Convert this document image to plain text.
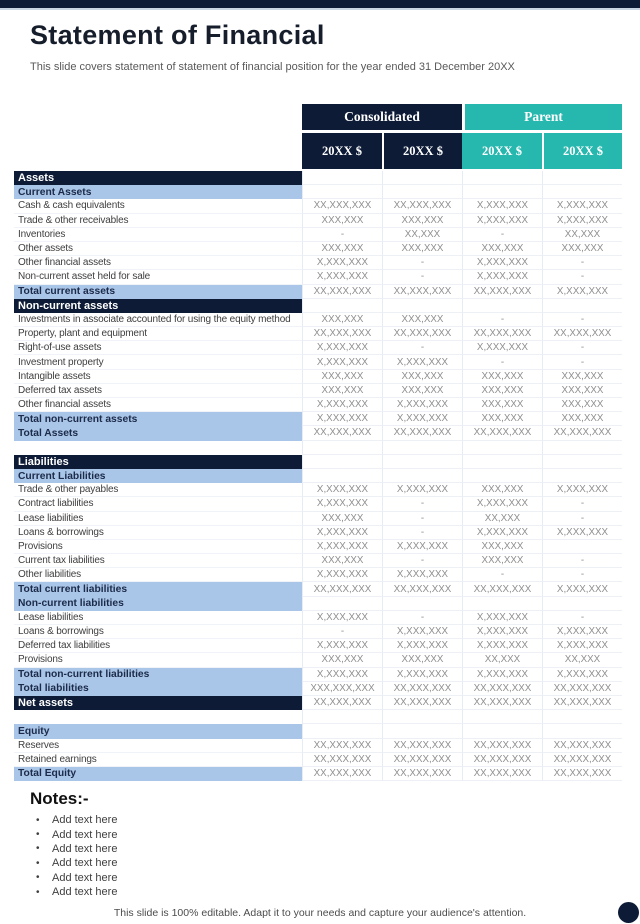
Statement of Financial
This slide covers statement of statement of financial position for the year ended 31 December 20XX
Consolidated	Parent
20XX $	20XX $	20XX $	20XX $
Assets
Current Assets
Cash & cash equivalents	XX,XXX,XXX	XX,XXX,XXX	X,XXX,XXX	X,XXX,XXX
Trade & other receivables	XXX,XXX	XXX,XXX	X,XXX,XXX	X,XXX,XXX
Inventories	-	XX,XXX	-	XX,XXX
Other assets	XXX,XXX	XXX,XXX	XXX,XXX	XXX,XXX
Other financial assets	X,XXX,XXX	-	X,XXX,XXX	-
Non-current asset held for sale	X,XXX,XXX	-	X,XXX,XXX	-
Total current assets	XX,XXX,XXX	XX,XXX,XXX	XX,XXX,XXX	X,XXX,XXX
Non-current assets
Investments in associate accounted for using the equity method	XXX,XXX	XXX,XXX	-	-
Property, plant and equipment	XX,XXX,XXX	XX,XXX,XXX	XX,XXX,XXX	XX,XXX,XXX
Right-of-use assets	X,XXX,XXX	-	X,XXX,XXX	-
Investment property	X,XXX,XXX	X,XXX,XXX	-	-
Intangible assets	XXX,XXX	XXX,XXX	XXX,XXX	XXX,XXX
Deferred tax assets	XXX,XXX	XXX,XXX	XXX,XXX	XXX,XXX
Other financial assets	X,XXX,XXX	X,XXX,XXX	XXX,XXX	XXX,XXX
Total non-current assets	X,XXX,XXX	X,XXX,XXX	XXX,XXX	XXX,XXX
Total Assets	XX,XXX,XXX	XX,XXX,XXX	XX,XXX,XXX	XX,XXX,XXX
Liabilities
Current Liabilities
Trade & other payables	X,XXX,XXX	X,XXX,XXX	XXX,XXX	X,XXX,XXX
Contract liabilities	X,XXX,XXX	-	X,XXX,XXX	-
Lease liabilities	XXX,XXX	-	XX,XXX	-
Loans & borrowings	X,XXX,XXX	-	X,XXX,XXX	X,XXX,XXX
Provisions	X,XXX,XXX	X,XXX,XXX	XXX,XXX
Current tax liabilities	XXX,XXX	-	XXX,XXX	-
Other liabilities	X,XXX,XXX	X,XXX,XXX	-	-
Total current liabilities	XX,XXX,XXX	XX,XXX,XXX	XX,XXX,XXX	X,XXX,XXX
Non-current liabilities
Lease liabilities	X,XXX,XXX	-	X,XXX,XXX	-
Loans & borrowings	-	X,XXX,XXX	X,XXX,XXX	X,XXX,XXX
Deferred tax liabilities	X,XXX,XXX	X,XXX,XXX	X,XXX,XXX	X,XXX,XXX
Provisions	XXX,XXX	XXX,XXX	XX,XXX	XX,XXX
Total non-current liabilities	X,XXX,XXX	X,XXX,XXX	X,XXX,XXX	X,XXX,XXX
Total liabilities	XXX,XXX,XXX	XX,XXX,XXX	XX,XXX,XXX	XX,XXX,XXX
Net assets	XX,XXX,XXX	XX,XXX,XXX	XX,XXX,XXX	XX,XXX,XXX
Equity
Reserves	XX,XXX,XXX	XX,XXX,XXX	XX,XXX,XXX	XX,XXX,XXX
Retained earnings	XX,XXX,XXX	XX,XXX,XXX	XX,XXX,XXX	XX,XXX,XXX
Total Equity	XX,XXX,XXX	XX,XXX,XXX	XX,XXX,XXX	XX,XXX,XXX
Notes:-
•	Add text here
•	Add text here
•	Add text here
•	Add text here
•	Add text here
•	Add text here
This slide is 100% editable. Adapt it to your needs and capture your audience's attention.
